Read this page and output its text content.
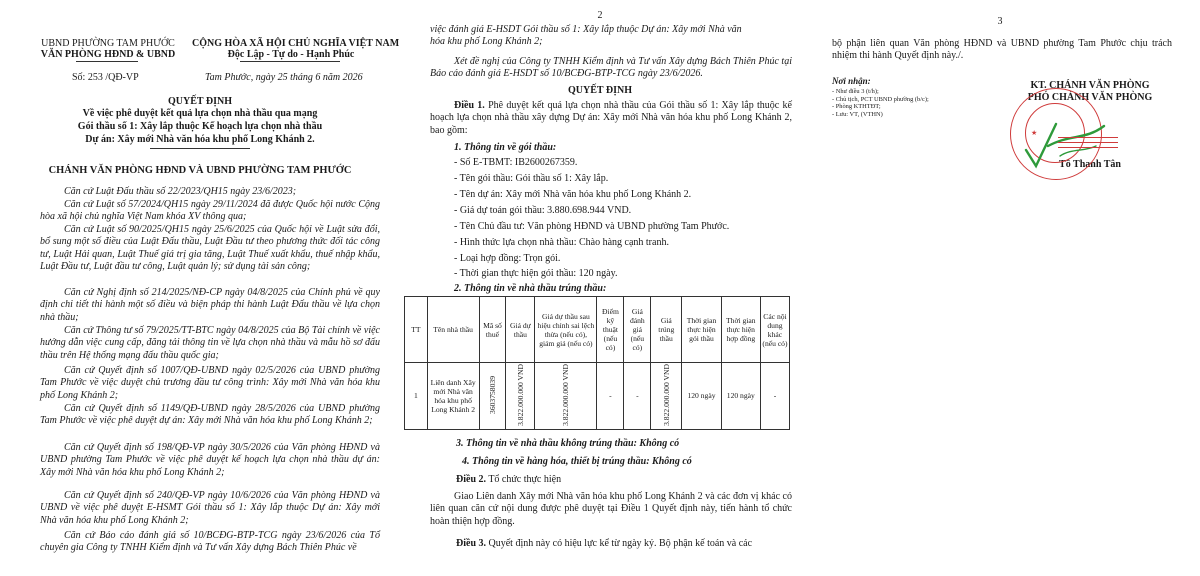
UBND PHƯỜNG TAM PHƯỚC
VĂN PHÒNG HĐND & UBND
CỘNG HÒA XÃ HỘI CHỦ NGHĨA VIỆT NAM
Độc Lập - Tự do - Hạnh Phúc
Số: 253 /QĐ-VP	Tam Phước, ngày 25 tháng 6 năm 2026
QUYẾT ĐỊNH
Về việc phê duyệt kết quả lựa chọn nhà thầu qua mạng
Gói thầu số 1: Xây lắp thuộc Kế hoạch lựa chọn nhà thầu
Dự án: Xây mới Nhà văn hóa khu phố Long Khánh 2.
CHÁNH VĂN PHÒNG HĐND VÀ UBND PHƯỜNG TAM PHƯỚC
Căn cứ Luật Đấu thầu số 22/2023/QH15 ngày 23/6/2023;
Căn cứ Luật số 57/2024/QH15 ngày 29/11/2024 đã được Quốc hội nước Cộng hòa xã hội chủ nghĩa Việt Nam khóa XV thông qua;
Căn cứ Luật số 90/2025/QH15 ngày 25/6/2025 của Quốc hội về Luật sửa đổi, bổ sung một số điều của Luật Đấu thầu, Luật Đầu tư theo phương thức đối tác công tư, Luật Hải quan, Luật Thuế giá trị gia tăng, Luật Thuế xuất khẩu, thuế nhập khẩu, Luật Đầu tư, Luật đầu tư công, Luật quản lý; sử dụng tài sản công;
Căn cứ Nghị định số 214/2025/NĐ-CP ngày 04/8/2025 của Chính phủ về quy định chi tiết thi hành một số điều và biện pháp thi hành Luật Đấu thầu về lựa chọn nhà thầu;
Căn cứ Thông tư số 79/2025/TT-BTC ngày 04/8/2025 của Bộ Tài chính về việc hướng dẫn việc cung cấp, đăng tải thông tin về lựa chọn nhà thầu và mẫu hồ sơ đấu thầu trên Hệ thống mạng đấu thầu quốc gia;
Căn cứ Quyết định số 1007/QĐ-UBND ngày 02/5/2026 của UBND phường Tam Phước về việc duyệt chủ trương đầu tư công trình: Xây mới Nhà văn hóa khu phố Long Khánh 2;
Căn cứ Quyết định số 1149/QĐ-UBND ngày 28/5/2026 của UBND phường Tam Phước về việc phê duyệt dự án: Xây mới Nhà văn hóa khu phố Long Khánh 2;
Căn cứ Quyết định số 198/QĐ-VP ngày 30/5/2026 của Văn phòng HĐND và UBND phường Tam Phước về việc phê duyệt kế hoạch lựa chọn nhà thầu dự án: Xây mới Nhà văn hóa khu phố Long Khánh 2;
Căn cứ Quyết định số 240/QĐ-VP ngày 10/6/2026 của Văn phòng HĐND và UBND về việc phê duyệt E-HSMT Gói thầu số 1: Xây lắp thuộc Dự án: Xây mới Nhà văn hóa khu phố Long Khánh 2;
Căn cứ Báo cáo đánh giá số 10/BCĐG-BTP-TCG ngày 23/6/2026 của Tổ chuyên gia Công ty TNHH Kiểm định và Tư vấn Xây dựng Bách Thiên Phúc về
2
việc đánh giá E-HSDT Gói thầu số 1: Xây lắp thuộc Dự án: Xây mới Nhà văn
hóa khu phố Long Khánh 2;
Xét đề nghị của Công ty TNHH Kiểm định và Tư vấn Xây dựng Bách Thiên Phúc tại Báo cáo đánh giá E-HSDT số 10/BCĐG-BTP-TCG ngày 23/6/2026.
QUYẾT ĐỊNH
Điều 1. Phê duyệt kết quả lựa chọn nhà thầu của Gói thầu số 1: Xây lắp thuộc kế hoạch lựa chọn nhà thầu xây dựng Dự án: Xây mới Nhà văn hóa khu phố Long Khánh 2, bao gồm:
1. Thông tin về gói thầu:
- Số E-TBMT: IB2600267359.
- Tên gói thầu: Gói thầu số 1: Xây lắp.
- Tên dự án: Xây mới Nhà văn hóa khu phố Long Khánh 2.
- Giá dự toán gói thầu: 3.880.698.944 VND.
- Tên Chủ đầu tư: Văn phòng HĐND và UBND phường Tam Phước.
- Hình thức lựa chọn nhà thầu: Chào hàng cạnh tranh.
- Loại hợp đồng: Trọn gói.
- Thời gian thực hiện gói thầu: 120 ngày.
2. Thông tin về nhà thầu trúng thầu:
TT	Tên nhà thầu	Mã số thuế	Giá dự thầu	Giá dự thầu sau hiệu chỉnh sai lệch thừa (nếu có), giảm giá (nếu có)	Điểm kỹ thuật (nếu có)	Giá đánh giá (nếu có)	Giá trúng thầu	Thời gian thực hiện gói thầu	Thời gian thực hiện hợp đồng	Các nội dung khác (nếu có)
1	Liên danh Xây mới Nhà văn hóa khu phố Long Khánh 2	3603758039	3.822.000.000 VND	3.822.000.000 VND	-	-	3.822.000.000 VND	120 ngày	120 ngày	-
3. Thông tin về nhà thầu không trúng thầu: Không có
4. Thông tin về hàng hóa, thiết bị trúng thầu: Không có
Điều 2. Tổ chức thực hiện
Giao Liên danh Xây mới Nhà văn hóa khu phố Long Khánh 2 và các đơn vị khác có liên quan căn cứ nội dung được phê duyệt tại Điều 1 Quyết định này, tiến hành tổ chức hoàn thiện hợp đồng.
Điều 3. Quyết định này có hiệu lực kể từ ngày ký. Bộ phận kế toán và các
3
bộ phận liên quan Văn phòng HĐND và UBND phường Tam Phước chịu trách nhiệm thi hành Quyết định này./.
Nơi nhận:
- Như điều 3 (t/h);
- Chủ tịch, PCT UBND phường (b/c);
- Phòng KTHTĐT;
- Lưu: VT, (VTHN)
KT. CHÁNH VĂN PHÒNG
PHÓ CHÁNH VĂN PHÒNG
Tô Thanh Tân
★
